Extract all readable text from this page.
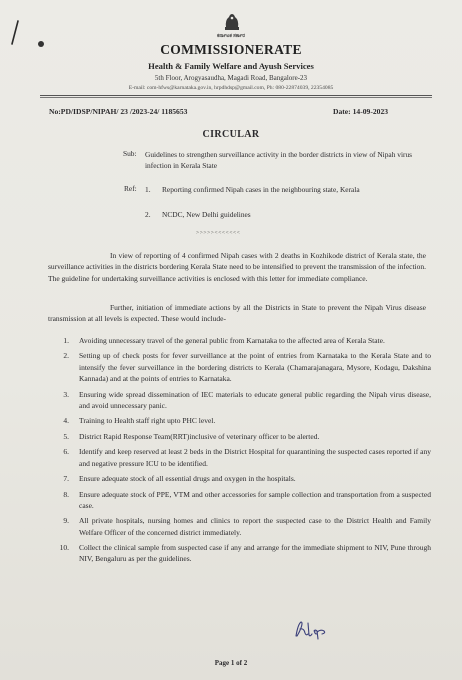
ಕರ್ನಾಟಕ ಸರ್ಕಾರ
COMMISSIONERATE
Health & Family Welfare and Ayush Services
5th Floor, Arogyasaudha, Magadi Road, Bangalore-23
E-mail: com-hfws@karnataka.gov.in, hrpdhdsp@gmail.com, Ph: 080-22874039, 22354085
No:PD/IDSP/NIPAH/ 23 /2023-24/ 1185653	Date: 14-09-2023
CIRCULAR
Sub: Guidelines to strengthen surveillance activity in the border districts in view of Nipah virus infection in Kerala State
Ref: 1. Reporting confirmed Nipah cases in the neighbouring state, Kerala
2. NCDC, New Delhi guidelines
>>>>><<<<<<<
In view of reporting of 4 confirmed Nipah cases with 2 deaths in Kozhikode district of Kerala state, the surveillance activities in the districts bordering Kerala State need to be intensified to prevent the transmission of the infection. The guideline for undertaking surveillance activities is enclosed with this letter for immediate compliance.
Further, initiation of immediate actions by all the Districts in State to prevent the Nipah Virus disease transmission at all levels is expected. These would include-
1. Avoiding unnecessary travel of the general public from Karnataka to the affected area of Kerala State.
2. Setting up of check posts for fever surveillance at the point of entries from Karnataka to the Kerala State and to intensify the fever surveillance in the bordering districts to Kerala (Chamarajanagara, Mysore, Kodagu, Dakshina Kannada) and at the points of entries to Karnataka.
3. Ensuring wide spread dissemination of IEC materials to educate general public regarding the Nipah virus disease, and avoid unnecessary panic.
4. Training to Health staff right upto PHC level.
5. District Rapid Response Team(RRT)inclusive of veterinary officer to be alerted.
6. Identify and keep reserved at least 2 beds in the District Hospital for quarantining the suspected cases reported if any and negative pressure ICU to be identified.
7. Ensure adequate stock of all essential drugs and oxygen in the hospitals.
8. Ensure adequate stock of PPE, VTM and other accessories for sample collection and transportation from a suspected case.
9. All private hospitals, nursing homes and clinics to report the suspected case to the District Health and Family Welfare Officer of the concerned district immediately.
10. Collect the clinical sample from suspected case if any and arrange for the immediate shipment to NIV, Pune through NIV, Bengaluru as per the guidelines.
Page 1 of 2
